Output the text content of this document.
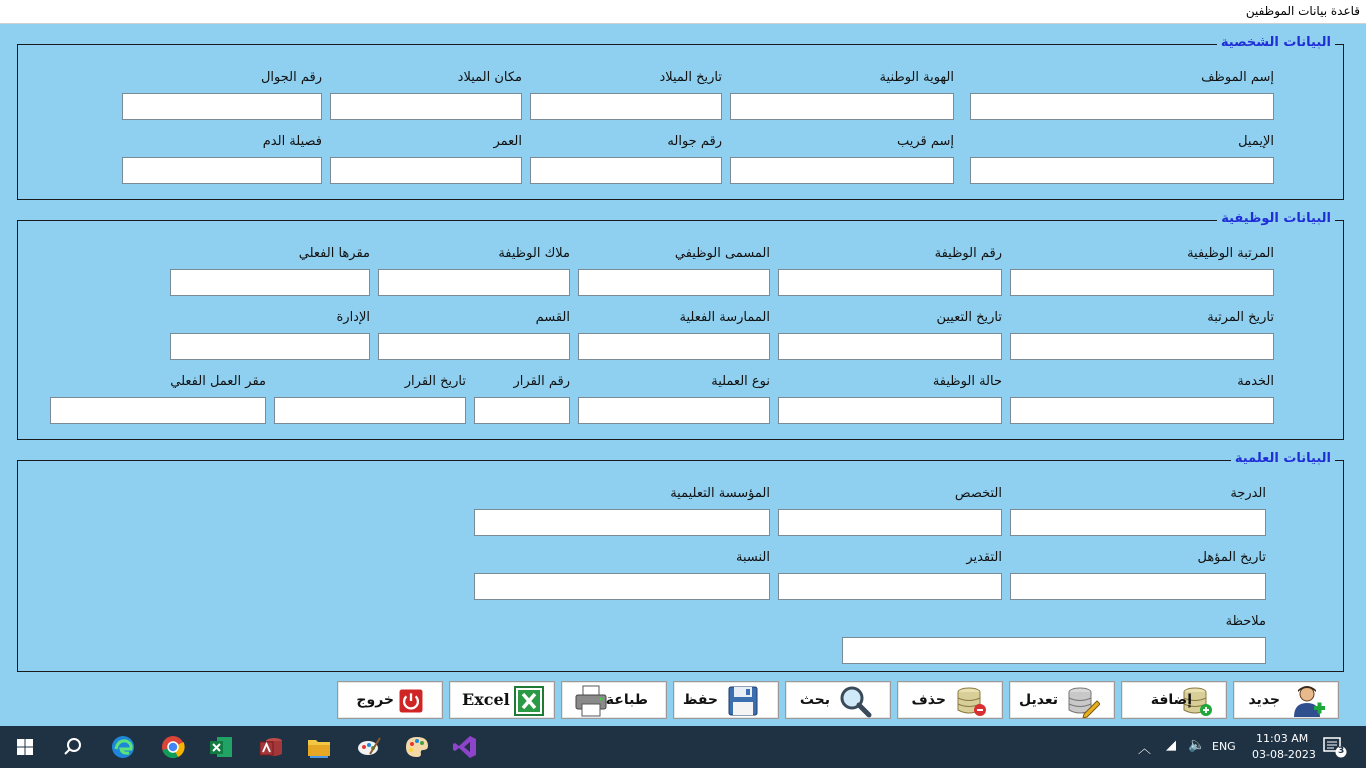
قاعدة بيانات الموظفين
البيانات الشخصية
إسم الموظف
الهوية الوطنية
تاريخ الميلاد
مكان الميلاد
رقم الجوال
الإيميل
إسم قريب
رقم جواله
العمر
فصيلة الدم
البيانات الوظيفية
المرتبة الوظيفية
رقم الوظيفة
المسمى الوظيفي
ملاك الوظيفة
مقرها الفعلي
تاريخ المرتبة
تاريخ التعيين
الممارسة الفعلية
القسم
الإدارة
الخدمة
حالة الوظيفة
نوع العملية
رقم القرار
تاريخ القرار
مقر العمل الفعلي
البيانات العلمية
الدرجة
التخصص
المؤسسة التعليمية
تاريخ المؤهل
التقدير
النسبة
ملاحظة
جديد
إضافة
تعديل
حذف
بحث
حفظ
طباعة
Excel
خروج
︿ ◢ 🔈 ENG
11:03 AM
03-08-2023 3
